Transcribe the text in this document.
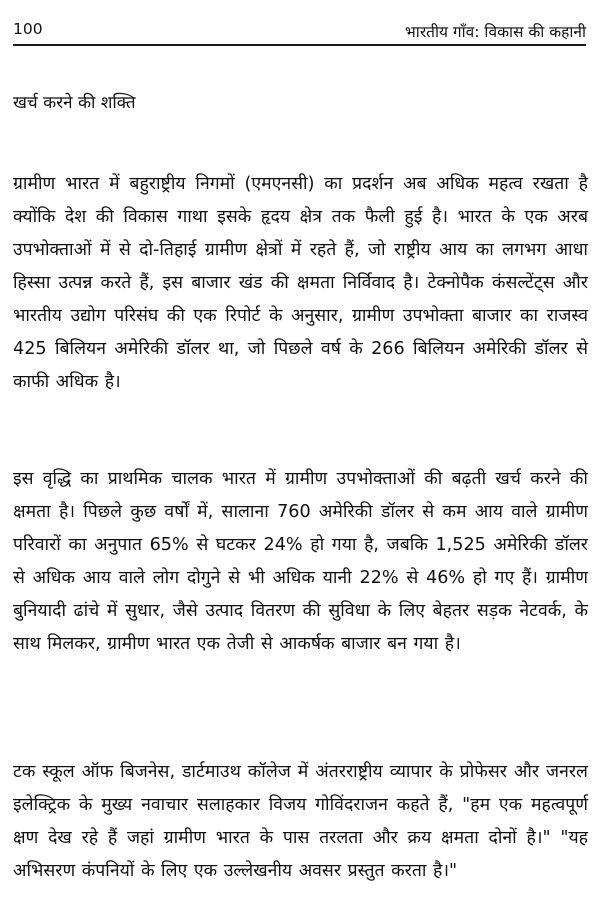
100	भारतीय गाँव: विकास की कहानी
खर्च करने की शक्ति

ग्रामीण भारत में बहुराष्ट्रीय निगमों (एमएनसी) का प्रदर्शन अब अधिक महत्व रखता है क्योंकि देश की विकास गाथा इसके हृदय क्षेत्र तक फैली हुई है। भारत के एक अरब उपभोक्ताओं में से दो-तिहाई ग्रामीण क्षेत्रों में रहते हैं, जो राष्ट्रीय आय का लगभग आधा हिस्सा उत्पन्न करते हैं, इस बाजार खंड की क्षमता निर्विवाद है। टेक्नोपैक कंसल्टेंट्स और भारतीय उद्योग परिसंघ की एक रिपोर्ट के अनुसार, ग्रामीण उपभोक्ता बाजार का राजस्व 425 बिलियन अमेरिकी डॉलर था, जो पिछले वर्ष के 266 बिलियन अमेरिकी डॉलर से काफी अधिक है।

इस वृद्धि का प्राथमिक चालक भारत में ग्रामीण उपभोक्ताओं की बढ़ती खर्च करने की क्षमता है। पिछले कुछ वर्षों में, सालाना 760 अमेरिकी डॉलर से कम आय वाले ग्रामीण परिवारों का अनुपात 65% से घटकर 24% हो गया है, जबकि 1,525 अमेरिकी डॉलर से अधिक आय वाले लोग दोगुने से भी अधिक यानी 22% से 46% हो गए हैं। ग्रामीण बुनियादी ढांचे में सुधार, जैसे उत्पाद वितरण की सुविधा के लिए बेहतर सड़क नेटवर्क, के साथ मिलकर, ग्रामीण भारत एक तेजी से आकर्षक बाजार बन गया है।

टक स्कूल ऑफ बिजनेस, डार्टमाउथ कॉलेज में अंतरराष्ट्रीय व्यापार के प्रोफेसर और जनरल इलेक्ट्रिक के मुख्य नवाचार सलाहकार विजय गोविंदराजन कहते हैं, "हम एक महत्वपूर्ण क्षण देख रहे हैं जहां ग्रामीण भारत के पास तरलता और क्रय क्षमता दोनों है।" "यह अभिसरण कंपनियों के लिए एक उल्लेखनीय अवसर प्रस्तुत करता है।"
